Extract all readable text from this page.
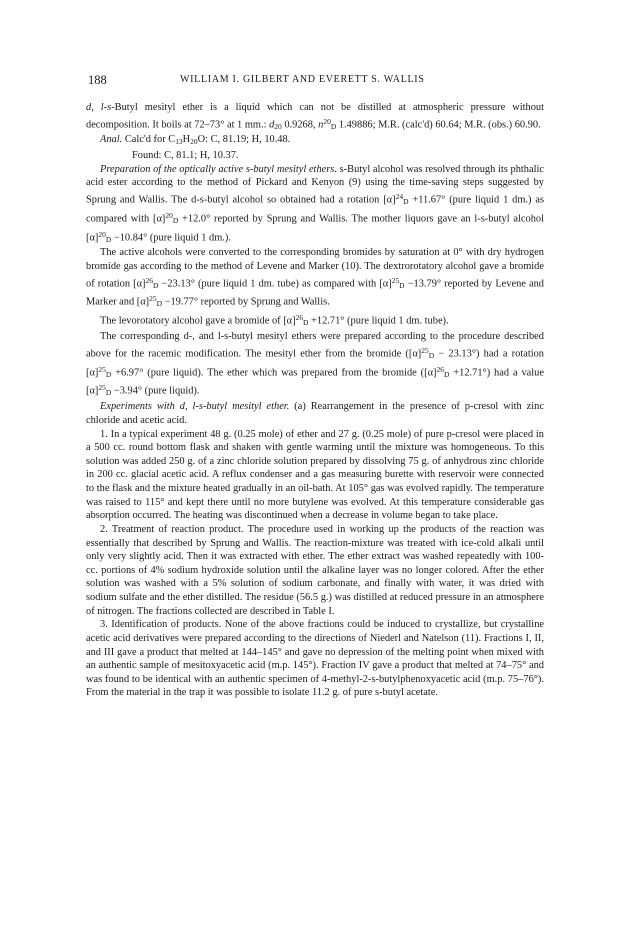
188	WILLIAM I. GILBERT AND EVERETT S. WALLIS

d, l-s-Butyl mesityl ether is a liquid which can not be distilled at atmospheric pressure without decomposition. It boils at 72–73° at 1 mm.: $d_{20}$ 0.9268, $n^{20}_D$ 1.49886; M.R. (calc'd) 60.64; M.R. (obs.) 60.90.

Anal. Calc'd for $C_{13}H_{20}O$: C, 81.19; H, 10.48.

Found: C, 81.1; H, 10.37.

Preparation of the optically active s-butyl mesityl ethers. s-Butyl alcohol was resolved through its phthalic acid ester according to the method of Pickard and Kenyon (9) using the time-saving steps suggested by Sprung and Wallis. The d-s-butyl alcohol so obtained had a rotation $[\alpha]^{24}_D +11.67^\circ$ (pure liquid 1 dm.) as compared with $[\alpha]^{20}_D +12.0^\circ$ reported by Sprung and Wallis. The mother liquors gave an l-s-butyl alcohol $[\alpha]^{20}_D -10.84^\circ$ (pure liquid 1 dm.).

The active alcohols were converted to the corresponding bromides by saturation at 0° with dry hydrogen bromide gas according to the method of Levene and Marker (10). The dextrorotatory alcohol gave a bromide of rotation $[\alpha]^{26}_D -23.13^\circ$ (pure liquid 1 dm. tube) as compared with $[\alpha]^{25}_D -13.79^\circ$ reported by Levene and Marker and $[\alpha]^{25}_D -19.77^\circ$ reported by Sprung and Wallis.

The levorotatory alcohol gave a bromide of $[\alpha]^{26}_D +12.71^\circ$ (pure liquid 1 dm. tube).

The corresponding d-, and l-s-butyl mesityl ethers were prepared according to the procedure described above for the racemic modification. The mesityl ether from the bromide $([\alpha]^{25}_D - 23.13^\circ)$ had a rotation $[\alpha]^{25}_D +6.97^\circ$ (pure liquid). The ether which was prepared from the bromide $([\alpha]^{26}_D +12.71^\circ)$ had a value $[\alpha]^{25}_D -3.94^\circ$ (pure liquid).

Experiments with d, l-s-butyl mesityl ether. (a) Rearrangement in the presence of p-cresol with zinc chloride and acetic acid.

1. In a typical experiment 48 g. (0.25 mole) of ether and 27 g. (0.25 mole) of pure p-cresol were placed in a 500 cc. round bottom flask and shaken with gentle warming until the mixture was homogeneous. To this solution was added 250 g. of a zinc chloride solution prepared by dissolving 75 g. of anhydrous zinc chloride in 200 cc. glacial acetic acid. A reflux condenser and a gas measuring burette with reservoir were connected to the flask and the mixture heated gradually in an oil-bath. At 105° gas was evolved rapidly. The temperature was raised to 115° and kept there until no more butylene was evolved. At this temperature considerable gas absorption occurred. The heating was discontinued when a decrease in volume began to take place.

2. Treatment of reaction product. The procedure used in working up the products of the reaction was essentially that described by Sprung and Wallis. The reaction-mixture was treated with ice-cold alkali until only very slightly acid. Then it was extracted with ether. The ether extract was washed repeatedly with 100-cc. portions of 4% sodium hydroxide solution until the alkaline layer was no longer colored. After the ether solution was washed with a 5% solution of sodium carbonate, and finally with water, it was dried with sodium sulfate and the ether distilled. The residue (56.5 g.) was distilled at reduced pressure in an atmosphere of nitrogen. The fractions collected are described in Table I.

3. Identification of products. None of the above fractions could be induced to crystallize, but crystalline acetic acid derivatives were prepared according to the directions of Niederl and Natelson (11). Fractions I, II, and III gave a product that melted at 144–145° and gave no depression of the melting point when mixed with an authentic sample of mesitoxyacetic acid (m.p. 145°). Fraction IV gave a product that melted at 74–75° and was found to be identical with an authentic specimen of 4-methyl-2-s-butylphenoxyacetic acid (m.p. 75–76°). From the material in the trap it was possible to isolate 11.2 g. of pure s-butyl acetate.
